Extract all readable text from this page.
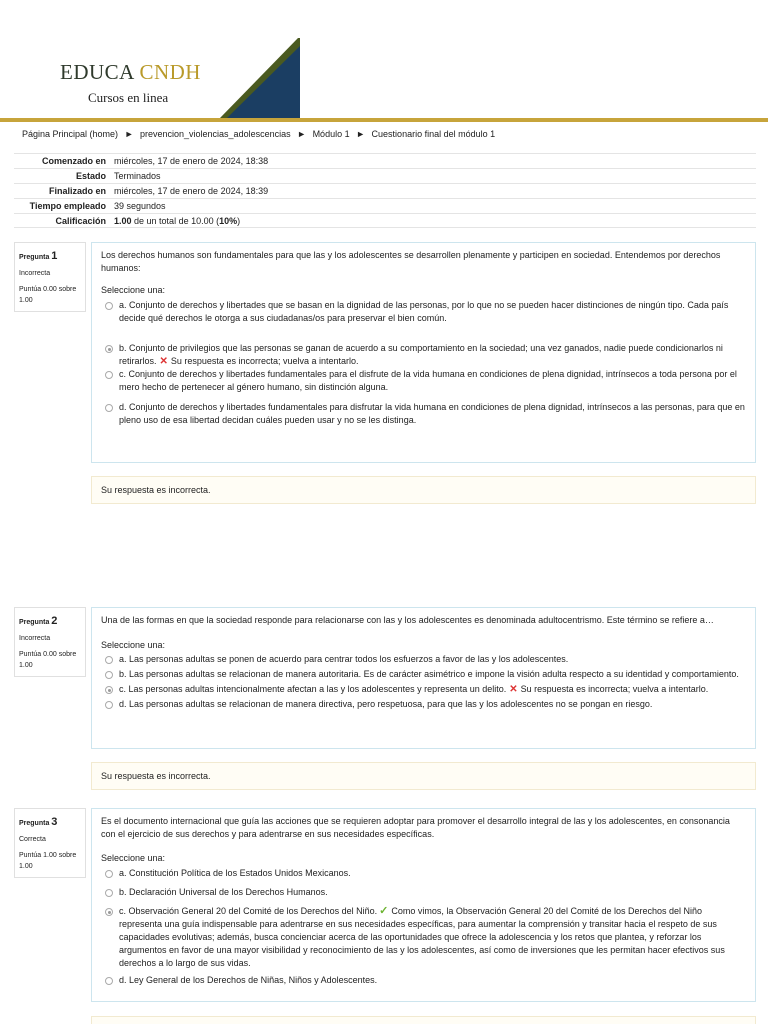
EDUCA CNDH
Cursos en linea
Página Principal (home) ► prevencion_violencias_adolescencias ► Módulo 1 ► Cuestionario final del módulo 1
Comenzado en miércoles, 17 de enero de 2024, 18:38
Estado Terminados
Finalizado en miércoles, 17 de enero de 2024, 18:39
Tiempo empleado 39 segundos
Calificación 1.00 de un total de 10.00 (10%)
Pregunta 1
Incorrecta
Puntúa 0.00 sobre 1.00
Los derechos humanos son fundamentales para que las y los adolescentes se desarrollen plenamente y participen en sociedad. Entendemos por derechos humanos:
Seleccione una:
a. Conjunto de derechos y libertades que se basan en la dignidad de las personas, por lo que no se pueden hacer distinciones de ningún tipo. Cada país decide qué derechos le otorga a sus ciudadanas/os para preservar el bien común.
b. Conjunto de privilegios que las personas se ganan de acuerdo a su comportamiento en la sociedad; una vez ganados, nadie puede condicionarlos ni retirarlos. ✕ Su respuesta es incorrecta; vuelva a intentarlo.
c. Conjunto de derechos y libertades fundamentales para el disfrute de la vida humana en condiciones de plena dignidad, intrínsecos a toda persona por el mero hecho de pertenecer al género humano, sin distinción alguna.
d. Conjunto de derechos y libertades fundamentales para disfrutar la vida humana en condiciones de plena dignidad, intrínsecos a las personas, para que en pleno uso de esa libertad decidan cuáles pueden usar y no se les distinga.
Su respuesta es incorrecta.
Pregunta 2
Incorrecta
Puntúa 0.00 sobre 1.00
Una de las formas en que la sociedad responde para relacionarse con las y los adolescentes es denominada adultocentrismo. Este término se refiere a…
Seleccione una:
a. Las personas adultas se ponen de acuerdo para centrar todos los esfuerzos a favor de las y los adolescentes.
b. Las personas adultas se relacionan de manera autoritaria. Es de carácter asimétrico e impone la visión adulta respecto a su identidad y comportamiento.
c. Las personas adultas intencionalmente afectan a las y los adolescentes y representa un delito. ✕ Su respuesta es incorrecta; vuelva a intentarlo.
d. Las personas adultas se relacionan de manera directiva, pero respetuosa, para que las y los adolescentes no se pongan en riesgo.
Su respuesta es incorrecta.
Pregunta 3
Correcta
Puntúa 1.00 sobre 1.00
Es el documento internacional que guía las acciones que se requieren adoptar para promover el desarrollo integral de las y los adolescentes, en consonancia con el ejercicio de sus derechos y para adentrarse en sus necesidades específicas.
Seleccione una:
a. Constitución Política de los Estados Unidos Mexicanos.
b. Declaración Universal de los Derechos Humanos.
c. Observación General 20 del Comité de los Derechos del Niño. ✓ Como vimos, la Observación General 20 del Comité de los Derechos del Niño representa una guía indispensable para adentrarse en sus necesidades específicas, para aumentar la comprensión y transitar hacia el respeto de sus capacidades evolutivas; además, busca concienciar acerca de las oportunidades que ofrece la adolescencia y los retos que plantea, y reforzar los argumentos en favor de una mayor visibilidad y reconocimiento de las y los adolescentes, así como de inversiones que les permitan hacer efectivos sus derechos a lo largo de sus vidas.
d. Ley General de los Derechos de Niñas, Niños y Adolescentes.
